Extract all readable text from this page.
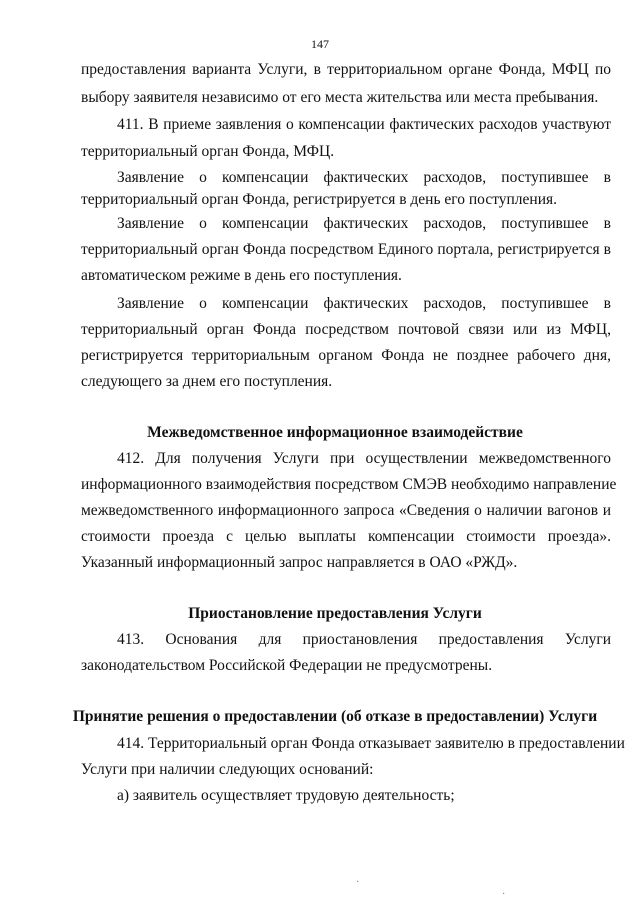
147
предоставления варианта Услуги, в территориальном органе Фонда, МФЦ по
выбору заявителя независимо от его места жительства или места пребывания.
411. В приеме заявления о компенсации фактических расходов участвуют
территориальный орган Фонда, МФЦ.
Заявление о компенсации фактических расходов, поступившее в
территориальный орган Фонда, регистрируется в день его поступления.
Заявление о компенсации фактических расходов, поступившее в
территориальный орган Фонда посредством Единого портала, регистрируется в
автоматическом режиме в день его поступления.
Заявление о компенсации фактических расходов, поступившее в
территориальный орган Фонда посредством почтовой связи или из МФЦ,
регистрируется территориальным органом Фонда не позднее рабочего дня,
следующего за днем его поступления.
Межведомственное информационное взаимодействие
412. Для получения Услуги при осуществлении межведомственного
информационного взаимодействия посредством СМЭВ необходимо направление
межведомственного информационного запроса «Сведения о наличии вагонов и
стоимости проезда с целью выплаты компенсации стоимости проезда».
Указанный информационный запрос направляется в ОАО «РЖД».
Приостановление предоставления Услуги
413. Основания для приостановления предоставления Услуги
законодательством Российской Федерации не предусмотрены.
Принятие решения о предоставлении (об отказе в предоставлении) Услуги
414. Территориальный орган Фонда отказывает заявителю в предоставлении
Услуги при наличии следующих оснований:
а) заявитель осуществляет трудовую деятельность;
·
·
